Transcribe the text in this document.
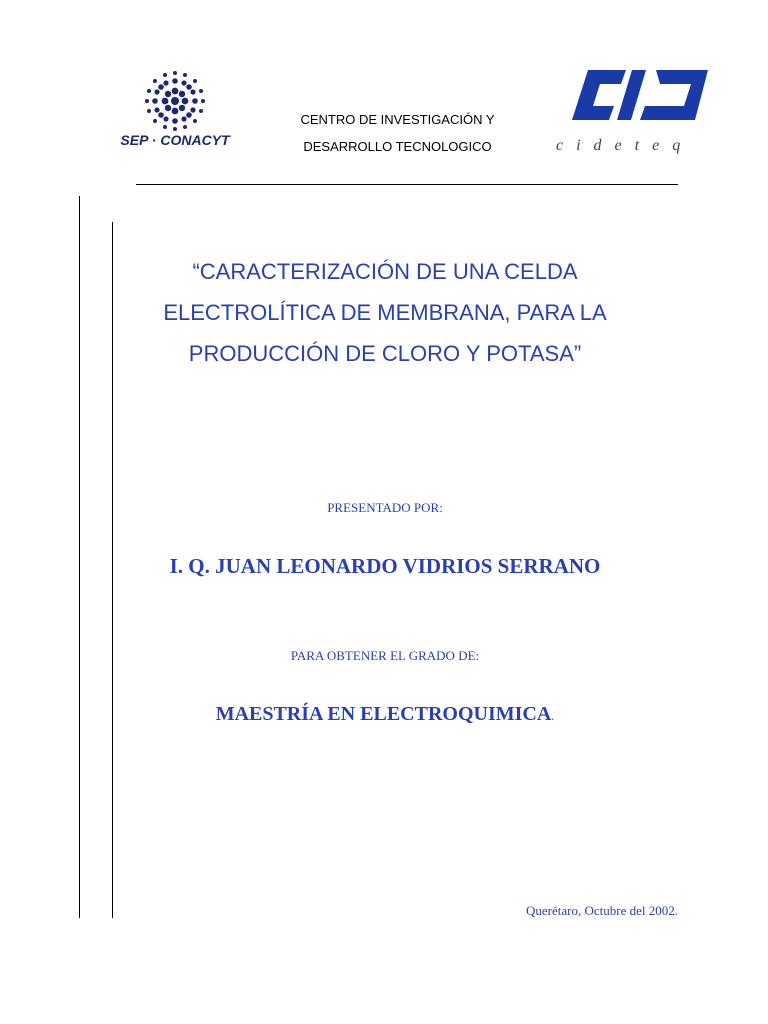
SEP · CONACYT
CENTRO DE INVESTIGACIÓN Y
DESARROLLO TECNOLOGICO	cideteq
“CARACTERIZACIÓN DE UNA CELDA
ELECTROLÍTICA DE MEMBRANA, PARA LA
PRODUCCIÓN DE CLORO Y POTASA”
PRESENTADO POR:
I. Q. JUAN LEONARDO VIDRIOS SERRANO
PARA OBTENER EL GRADO DE:
MAESTRÍA EN ELECTROQUIMICA.
Querétaro, Octubre del 2002.
